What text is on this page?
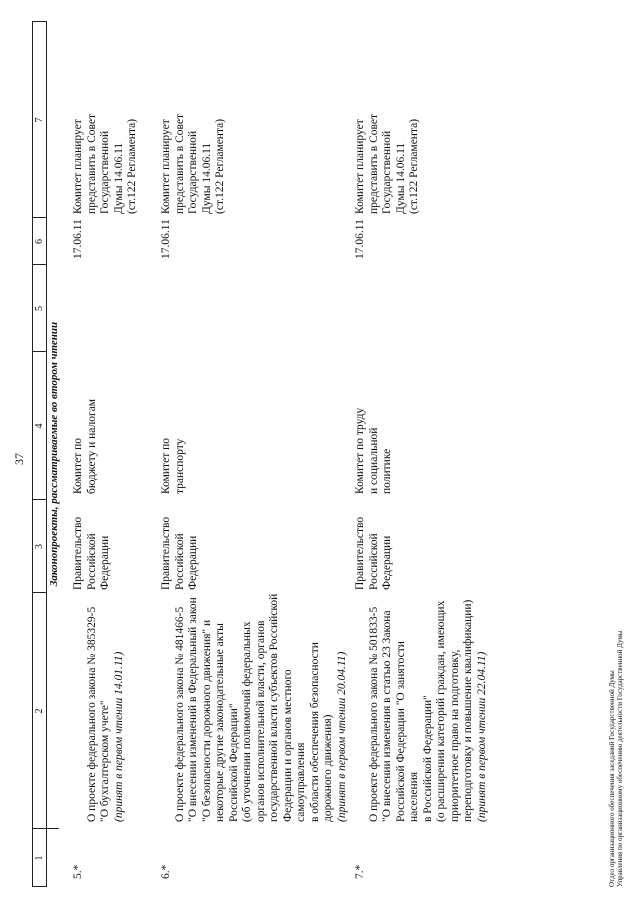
37
1
2
3
4
5
6
7
Законопроекты, рассматриваемые во втором чтении
5.*

О проекте федерального закона № 385329-5
"О бухгалтерском учете" (принят в первом чтении 14.01.11)

Правительство
Российской
Федерации
Комитет по
бюджету и налогам
17.06.11
Комитет планирует
представить в Совет
Государственной
Думы 14.06.11
(ст.122 Регламента)
6.*

О проекте федерального закона № 481466-5
"О внесении изменений в Федеральный закон
"О безопасности дорожного движения" и
некоторые другие законодательные акты
Российской Федерации"
(об уточнении полномочий федеральных
органов исполнительной власти, органов
государственной власти субъектов Российской
Федерации и органов местного самоуправления
в области обеспечения безопасности
дорожного движения) (принят в первом чтении 20.04.11)

Правительство
Российской
Федерации
Комитет по
транспорту
17.06.11
Комитет планирует
представить в Совет
Государственной
Думы 14.06.11
(ст.122 Регламента)
7.*

О проекте федерального закона № 501833-5
"О внесении изменения в статью 23 Закона
Российской Федерации "О занятости населения
в Российской Федерации"
(о расширении категорий граждан, имеющих
приоритетное право на подготовку,
переподготовку и повышение квалификации)

(принят в первом чтении 22.04.11)

Правительство
Российской
Федерации
Комитет по труду
и социальной
политике
17.06.11
Комитет планирует
представить в Совет
Государственной
Думы 14.06.11
(ст.122 Регламента)
Отдел организационного обеспечения заседаний Государственной Думы Управления по организационному обеспечению деятельности Государственной Думы
